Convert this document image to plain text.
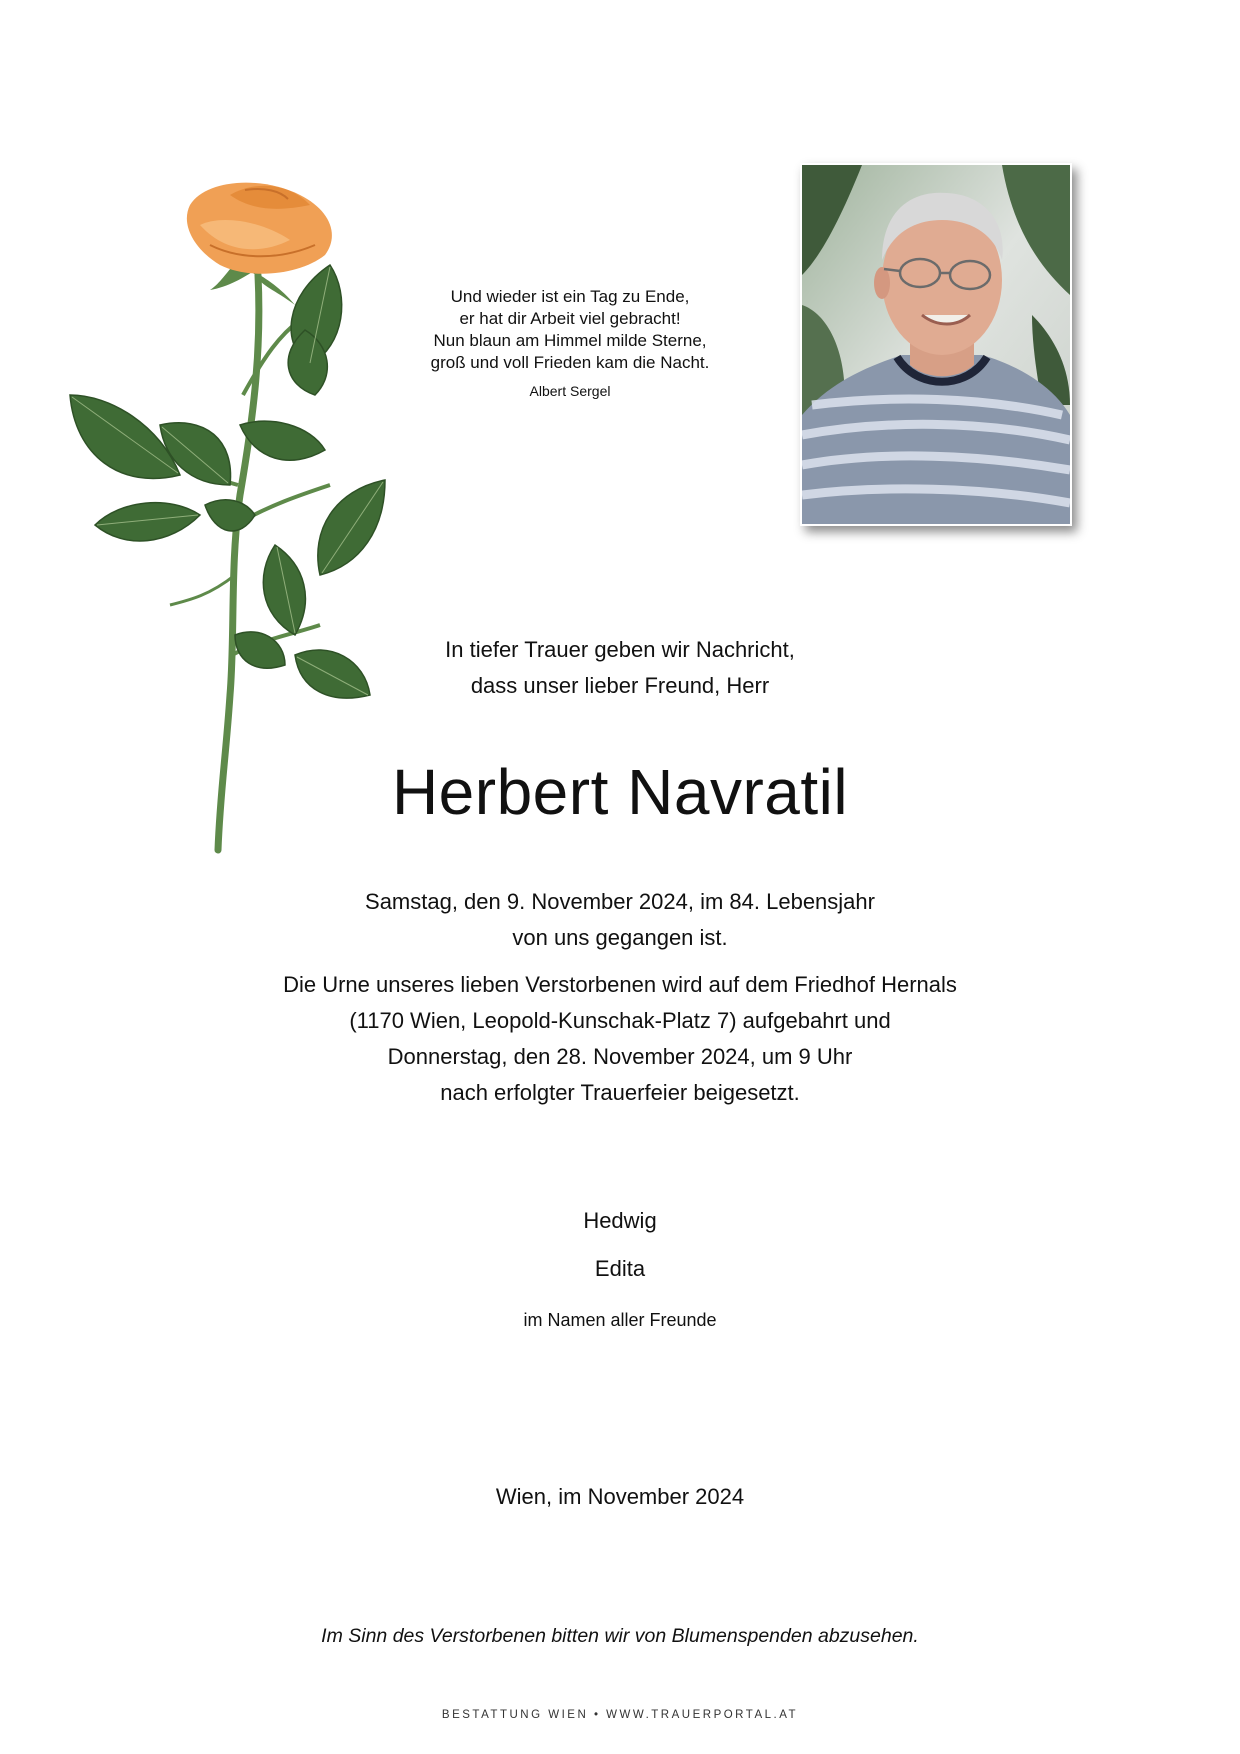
Und wieder ist ein Tag zu Ende,
er hat dir Arbeit viel gebracht!
Nun blaun am Himmel milde Sterne,
groß und voll Frieden kam die Nacht.
Albert Sergel
In tiefer Trauer geben wir Nachricht,
dass unser lieber Freund, Herr
Herbert Navratil
Samstag, den 9. November 2024, im 84. Lebensjahr
von uns gegangen ist.
Die Urne unseres lieben Verstorbenen wird auf dem Friedhof Hernals
(1170 Wien, Leopold-Kunschak-Platz 7) aufgebahrt und
Donnerstag, den 28. November 2024, um 9 Uhr
nach erfolgter Trauerfeier beigesetzt.
Hedwig
Edita
im Namen aller Freunde
Wien, im November 2024
Im Sinn des Verstorbenen bitten wir von Blumenspenden abzusehen.
BESTATTUNG WIEN • WWW.TRAUERPORTAL.AT
